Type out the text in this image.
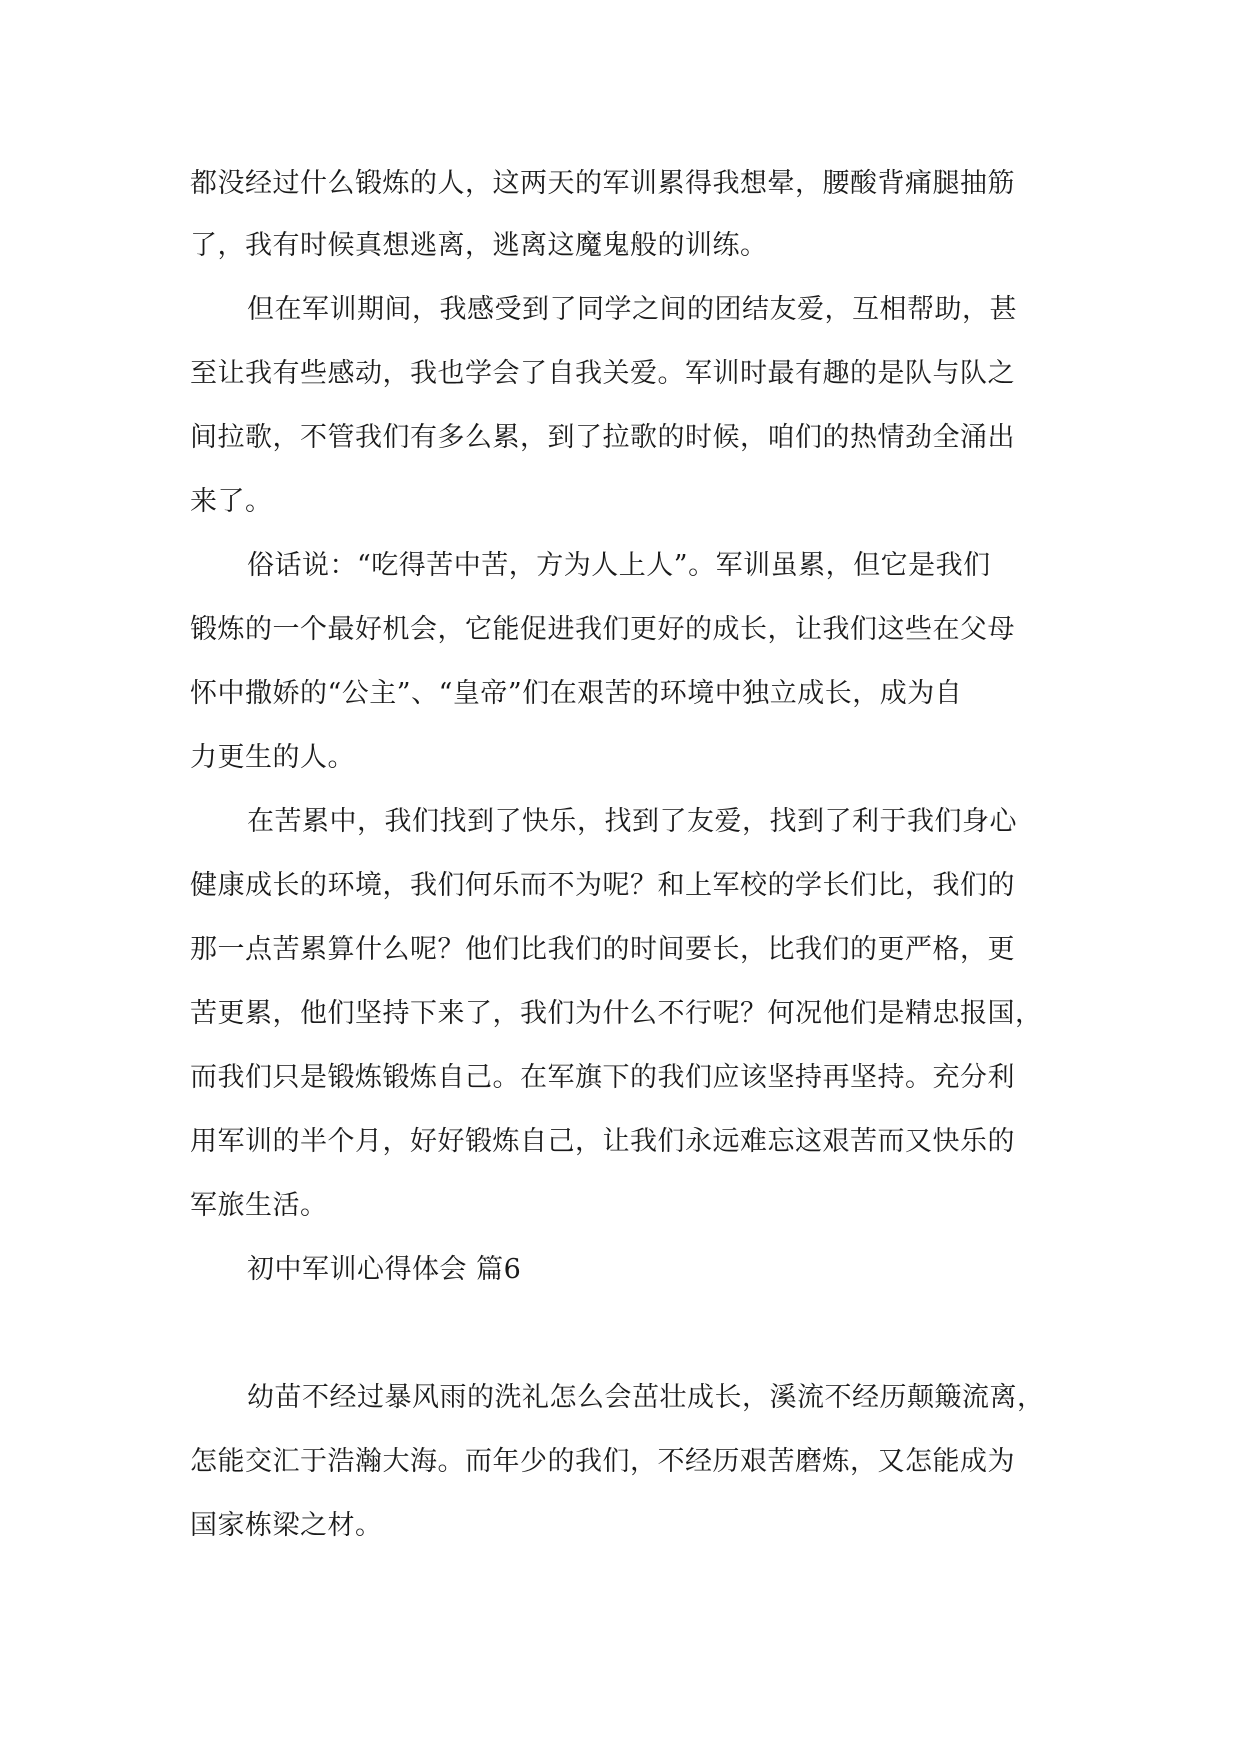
都没经过什么锻炼的人，这两天的军训累得我想晕，腰酸背痛腿抽筋
了，我有时候真想逃离，逃离这魔鬼般的训练。
但在军训期间，我感受到了同学之间的团结友爱，互相帮助，甚
至让我有些感动，我也学会了自我关爱。军训时最有趣的是队与队之
间拉歌，不管我们有多么累，到了拉歌的时候，咱们的热情劲全涌出
来了。
俗话说：“吃得苦中苦，方为人上人”。军训虽累，但它是我们
锻炼的一个最好机会，它能促进我们更好的成长，让我们这些在父母
怀中撒娇的“公主”、“皇帝”们在艰苦的环境中独立成长，成为自
力更生的人。
在苦累中，我们找到了快乐，找到了友爱，找到了利于我们身心
健康成长的环境，我们何乐而不为呢？和上军校的学长们比，我们的
那一点苦累算什么呢？他们比我们的时间要长，比我们的更严格，更
苦更累，他们坚持下来了，我们为什么不行呢？何况他们是精忠报国，
而我们只是锻炼锻炼自己。在军旗下的我们应该坚持再坚持。充分利
用军训的半个月，好好锻炼自己，让我们永远难忘这艰苦而又快乐的
军旅生活。
初中军训心得体会 篇6
幼苗不经过暴风雨的洗礼怎么会茁壮成长，溪流不经历颠簸流离，
怎能交汇于浩瀚大海。而年少的我们，不经历艰苦磨炼，又怎能成为
国家栋梁之材。
